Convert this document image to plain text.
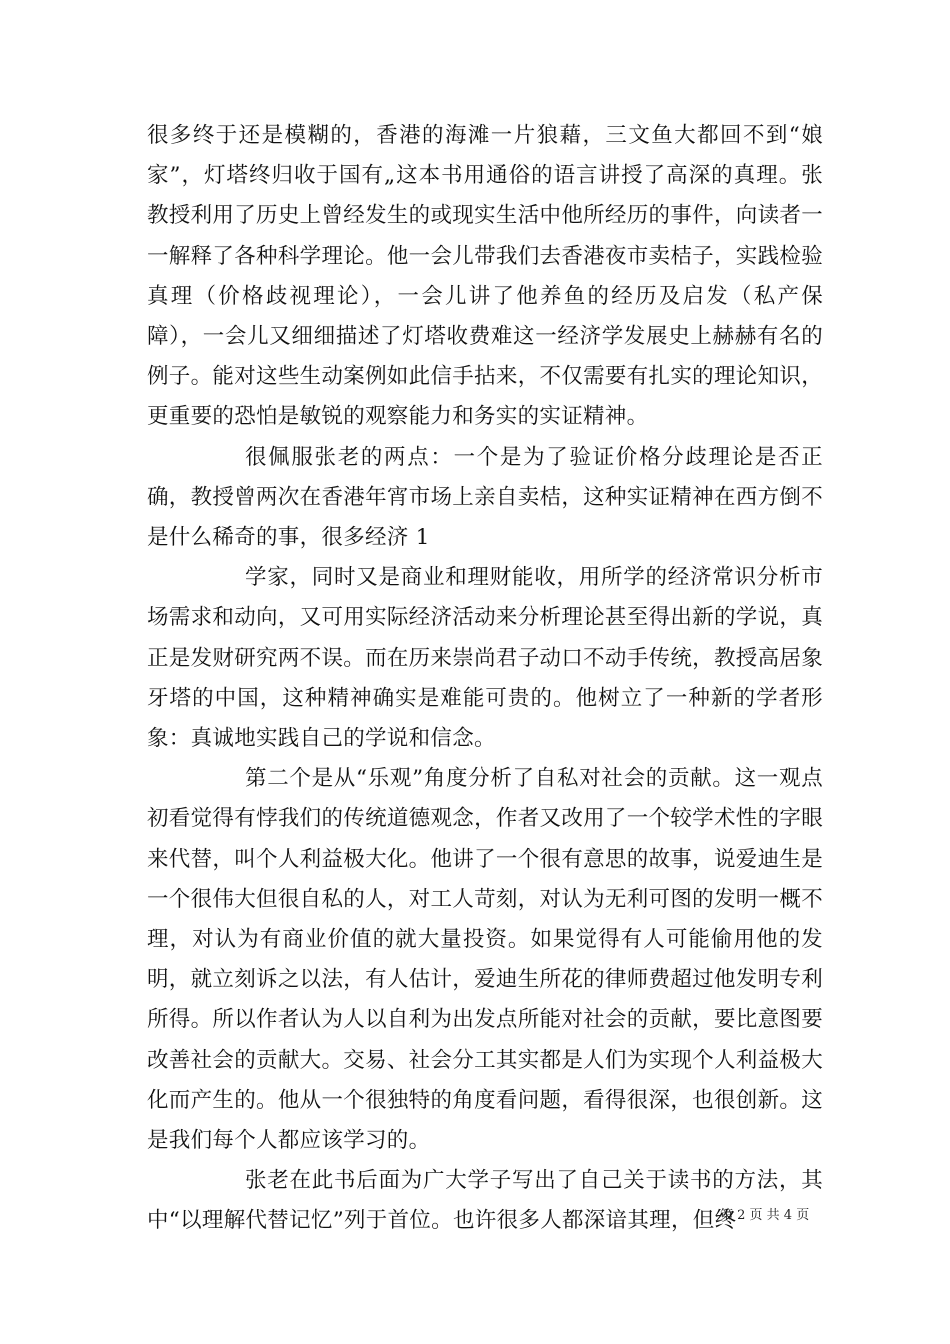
很多终于还是模糊的，香港的海滩一片狼藉，三文鱼大都回不到“娘家”，灯塔终归收于国有„这本书用通俗的语言讲授了高深的真理。张教授利用了历史上曾经发生的或现实生活中他所经历的事件，向读者一一解释了各种科学理论。他一会儿带我们去香港夜市卖桔子，实践检验真理（价格歧视理论），一会儿讲了他养鱼的经历及启发（私产保障），一会儿又细细描述了灯塔收费难这一经济学发展史上赫赫有名的例子。能对这些生动案例如此信手拈来，不仅需要有扎实的理论知识，更重要的恐怕是敏锐的观察能力和务实的实证精神。

很佩服张老的两点：一个是为了验证价格分歧理论是否正确，教授曾两次在香港年宵市场上亲自卖桔，这种实证精神在西方倒不是什么稀奇的事，很多经济 1

学家，同时又是商业和理财能收，用所学的经济常识分析市场需求和动向，又可用实际经济活动来分析理论甚至得出新的学说，真正是发财研究两不误。而在历来崇尚君子动口不动手传统，教授高居象牙塔的中国，这种精神确实是难能可贵的。他树立了一种新的学者形象：真诚地实践自己的学说和信念。

第二个是从“乐观”角度分析了自私对社会的贡献。这一观点初看觉得有悖我们的传统道德观念，作者又改用了一个较学术性的字眼来代替，叫个人利益极大化。他讲了一个很有意思的故事，说爱迪生是一个很伟大但很自私的人，对工人苛刻，对认为无利可图的发明一概不理，对认为有商业价值的就大量投资。如果觉得有人可能偷用他的发明，就立刻诉之以法，有人估计，爱迪生所花的律师费超过他发明专利所得。所以作者认为人以自利为出发点所能对社会的贡献，要比意图要改善社会的贡献大。交易、社会分工其实都是人们为实现个人利益极大化而产生的。他从一个很独特的角度看问题，看得很深，也很创新。这是我们每个人都应该学习的。

张老在此书后面为广大学子写出了自己关于读书的方法，其中“以理解代替记忆”列于首位。也许很多人都深谙其理，但终

第 2 页 共 4 页
